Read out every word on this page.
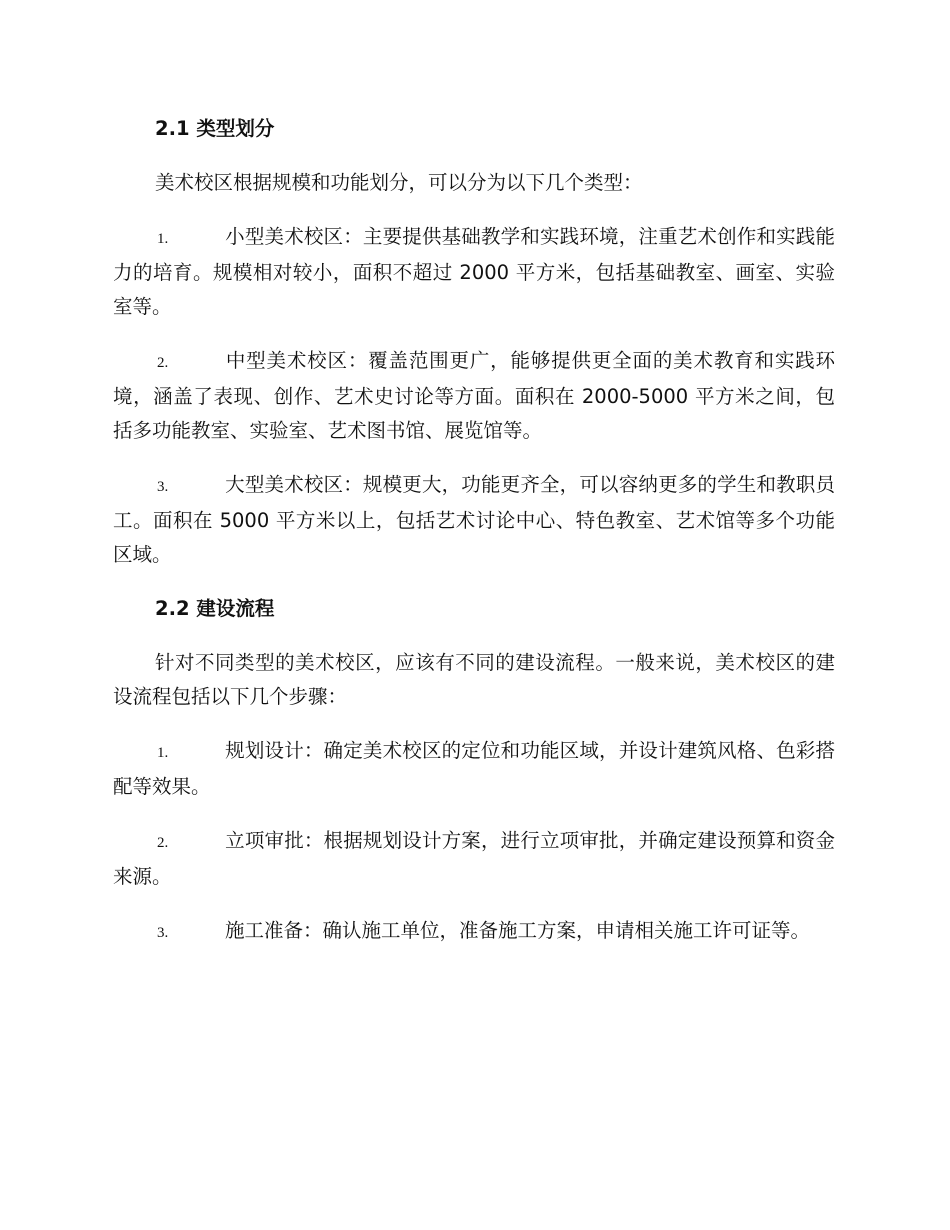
2.1 类型划分

美术校区根据规模和功能划分，可以分为以下几个类型：

1.	小型美术校区：主要提供基础教学和实践环境，注重艺术创作和实践能力的培育。规模相对较小，面积不超过 2000 平方米，包括基础教室、画室、实验室等。

2.	中型美术校区：覆盖范围更广，能够提供更全面的美术教育和实践环境，涵盖了表现、创作、艺术史讨论等方面。面积在 2000-5000 平方米之间，包括多功能教室、实验室、艺术图书馆、展览馆等。

3.	大型美术校区：规模更大，功能更齐全，可以容纳更多的学生和教职员工。面积在 5000 平方米以上，包括艺术讨论中心、特色教室、艺术馆等多个功能区域。

2.2 建设流程

针对不同类型的美术校区，应该有不同的建设流程。一般来说，美术校区的建设流程包括以下几个步骤：

1.	规划设计：确定美术校区的定位和功能区域，并设计建筑风格、色彩搭配等效果。

2.	立项审批：根据规划设计方案，进行立项审批，并确定建设预算和资金来源。

3.	施工准备：确认施工单位，准备施工方案，申请相关施工许可证等。
